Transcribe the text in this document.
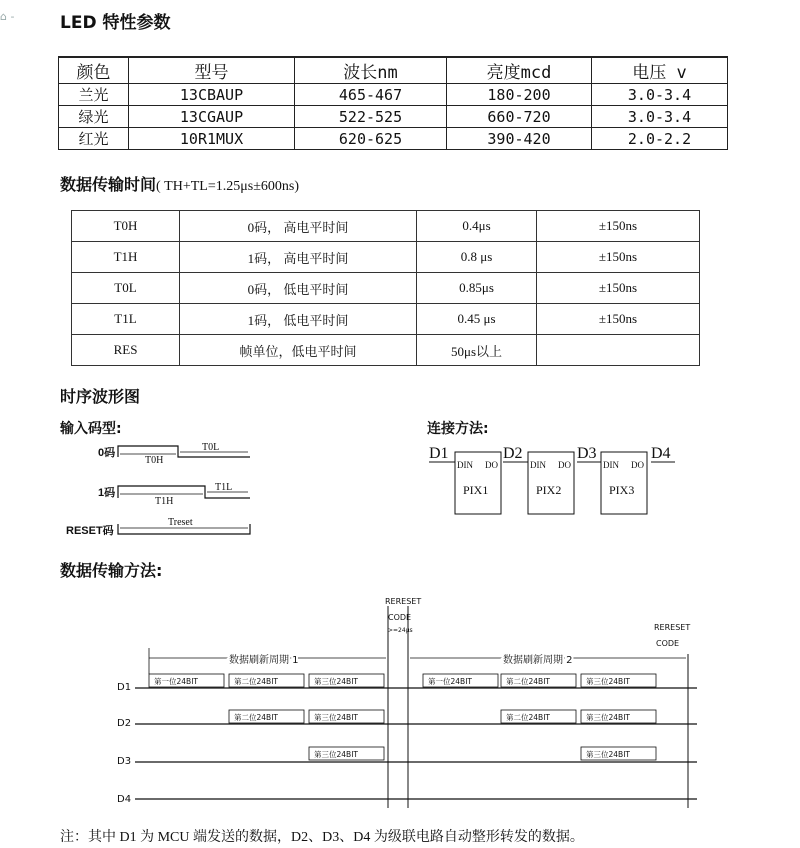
⌂ -	LED 特性参数
颜色	型号	波长nm	亮度mcd	电压 v
兰光	13CBAUP	465-467	180-200	3.0-3.4
绿光	13CGAUP	522-525	660-720	3.0-3.4
红光	10R1MUX	620-625	390-420	2.0-2.2
数据传输时间( TH+TL=1.25μs±600ns)
T0H	0码， 高电平时间	0.4μs	±150ns
T1H	1码， 高电平时间	0.8 μs	±150ns
T0L	0码， 低电平时间	0.85μs	±150ns
T1L	1码， 低电平时间	0.45 μs	±150ns
RES	帧单位，低电平时间	50μs以上	
时序波形图
输入码型:	连接方法:
0码
T0H
T0L
1码
T1H
T1L
RESET码
Treset
D1	D2	D3	D4
DIN DO	DIN DO	DIN DO
PIX1	PIX2	PIX3
数据传输方法:
RERESET
CODE
>=24μs	RERESET
CODE
数据刷新周期 1	数据刷新周期 2
D1
D2
D3
D4
第一位24BIT	第二位24BIT	第三位24BIT	第一位24BIT	第二位24BIT	第三位24BIT
第二位24BIT	第三位24BIT	第二位24BIT	第三位24BIT
第三位24BIT	第三位24BIT
注：其中 D1 为 MCU 端发送的数据，D2、D3、D4 为级联电路自动整形转发的数据。
